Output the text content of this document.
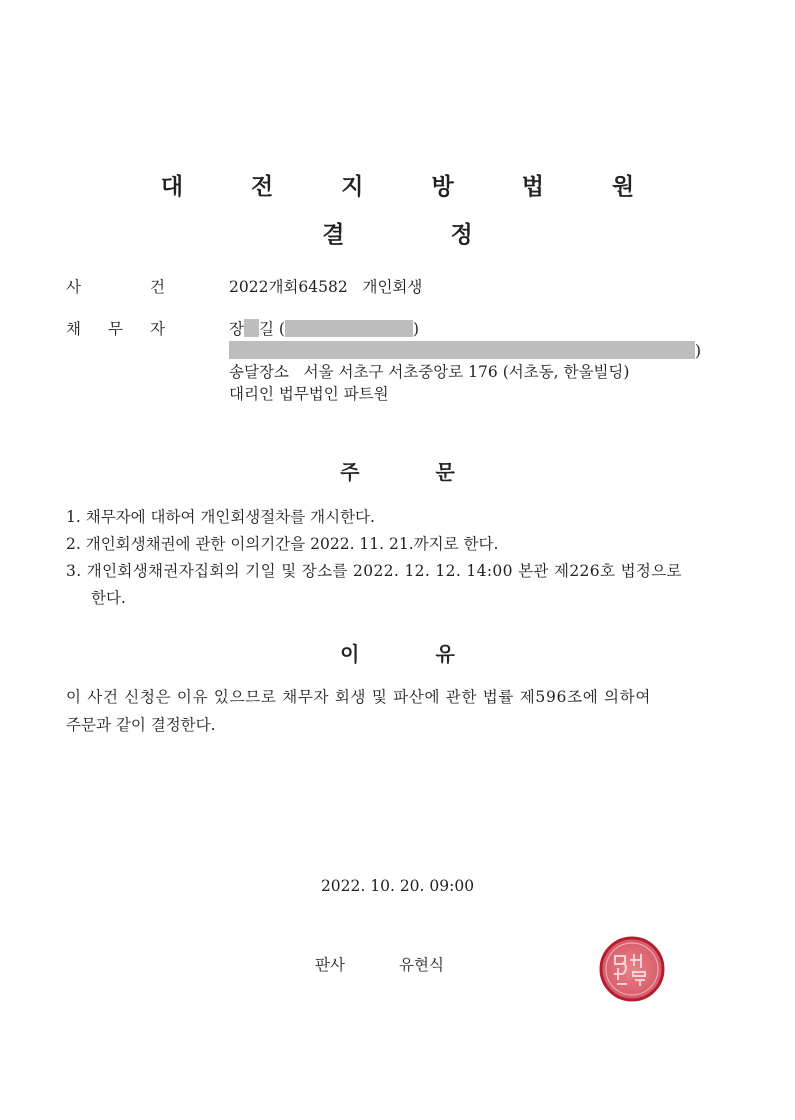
대 전 지 방 법 원
결정
사	건	2022개회64582   개인회생
채 무 자	장 길 (	)
)
송달장소   서울 서초구 서초중앙로 176 (서초동, 한울빌딩)
대리인 법무법인 파트원
주문
1. 채무자에 대하여 개인회생절차를 개시한다.
2. 개인회생채권에 관한 이의기간을 2022. 11. 21.까지로 한다.
3. 개인회생채권자집회의 기일 및 장소를 2022. 12. 12. 14:00 본관 제226호 법정으로
한다.
이유
이 사건 신청은 이유 있으므로 채무자 회생 및 파산에 관한 법률 제596조에 의하여
주문과 같이 결정한다.
2022. 10. 20. 09:00
판사	유현식
